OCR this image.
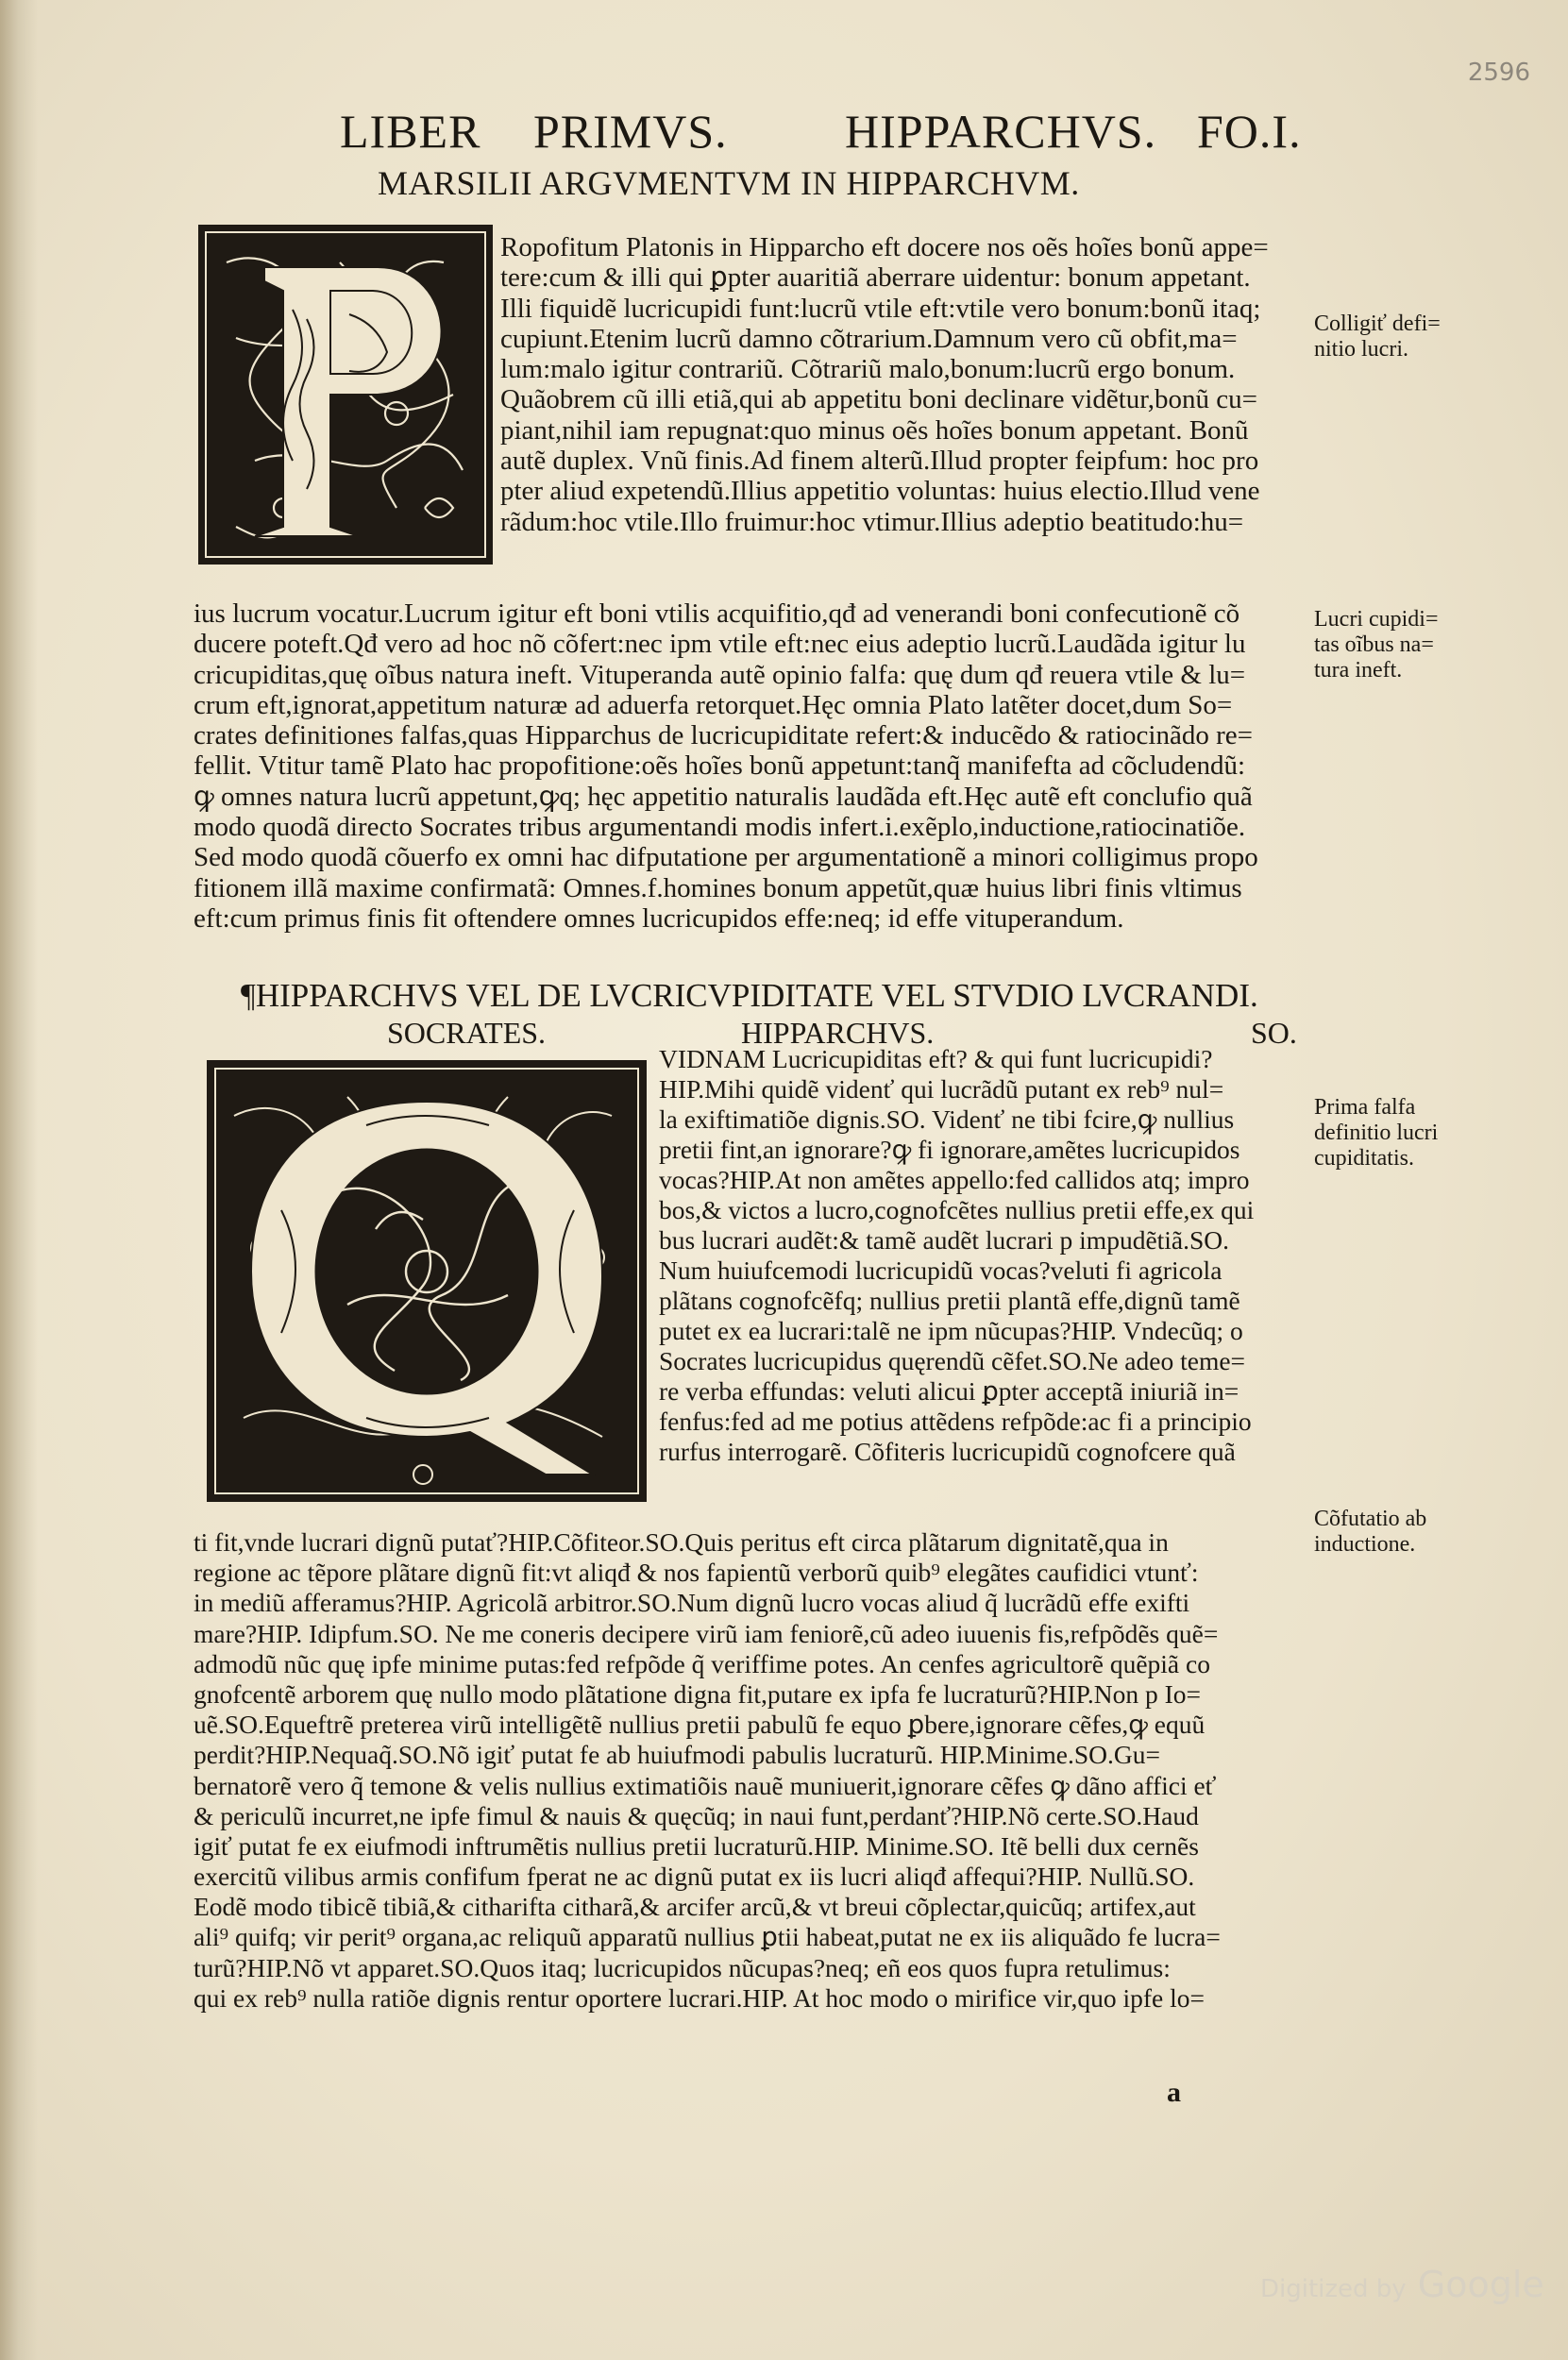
2596
LIBER PRIMVS. HIPPARCHVS. FO.I.
MARSILII ARGVMENTVM IN HIPPARCHVM.
Ropofitum Platonis in Hipparcho eft docere nos oẽs hoĩes bonũ appe=
tere:cum & illi qui ꝑpter auaritiã aberrare uidentur: bonum appetant.
Illi fiquidẽ lucricupidi funt:lucrũ vtile eft:vtile vero bonum:bonũ itaq;
cupiunt.Etenim lucrũ damno cõtrarium.Damnum vero cũ obfit,ma=
lum:malo igitur contrariũ. Cõtrariũ malo,bonum:lucrũ ergo bonum.
Quãobrem cũ illi etiã,qui ab appetitu boni declinare vidẽtur,bonũ cu=
piant,nihil iam repugnat:quo minus oẽs hoĩes bonum appetant. Bonũ
autẽ duplex. Vnũ finis.Ad finem alterũ.Illud propter feipfum: hoc pro
pter aliud expetendũ.Illius appetitio voluntas: huius electio.Illud vene
rãdum:hoc vtile.Illo fruimur:hoc vtimur.Illius adeptio beatitudo:hu=
ius lucrum vocatur.Lucrum igitur eft boni vtilis acquifitio,qđ ad venerandi boni confecutionẽ cõ
ducere poteft.Qđ vero ad hoc nõ cõfert:nec ipm vtile eft:nec eius adeptio lucrũ.Laudãda igitur lu
cricupiditas,quę oĩbus natura ineft. Vituperanda autẽ opinio falfa: quę dum qđ reuera vtile & lu=
crum eft,ignorat,appetitum naturæ ad aduerfa retorquet.Hęc omnia Plato latẽter docet,dum So=
crates definitiones falfas,quas Hipparchus de lucricupiditate refert:& inducẽdo & ratiocinãdo re=
fellit. Vtitur tamẽ Plato hac propofitione:oẽs hoĩes bonũ appetunt:tanq̃ manifefta ad cõcludendũ:
ꝙ omnes natura lucrũ appetunt,ꝙq; hęc appetitio naturalis laudãda eft.Hęc autẽ eft conclufio quã
modo quodã directo Socrates tribus argumentandi modis infert.i.exẽplo,inductione,ratiocinatiõe.
Sed modo quodã cõuerfo ex omni hac difputatione per argumentationẽ a minori colligimus propo
fitionem illã maxime confirmatã: Omnes.f.homines bonum appetũt,quæ huius libri finis vltimus
eft:cum primus finis fit oftendere omnes lucricupidos effe:neq; id effe vituperandum.
¶HIPPARCHVS VEL DE LVCRICVPIDITATE VEL STVDIO LVCRANDI.
SOCRATES.	HIPPARCHVS.	SO.
VIDNAM Lucricupiditas eft? & qui funt lucricupidi?
HIP.Mihi quidẽ videnť qui lucrãdũ putant ex reb⁹ nul=
la exiftimatiõe dignis.SO. Videnť ne tibi fcire,ꝙ nullius
pretii fint,an ignorare?ꝙ fi ignorare,amẽtes lucricupidos
vocas?HIP.At non amẽtes appello:fed callidos atq; impro
bos,& victos a lucro,cognofcẽtes nullius pretii effe,ex qui
bus lucrari audẽt:& tamẽ audẽt lucrari p impudẽtiã.SO.
Num huiufcemodi lucricupidũ vocas?veluti fi agricola
plãtans cognofcẽfq; nullius pretii plantã effe,dignũ tamẽ
putet ex ea lucrari:talẽ ne ipm nũcupas?HIP. Vndecũq; o
Socrates lucricupidus quęrendũ cẽfet.SO.Ne adeo teme=
re verba effundas: veluti alicui ꝑpter acceptã iniuriã in=
fenfus:fed ad me potius attẽdens refpõde:ac fi a principio
rurfus interrogarẽ. Cõfiteris lucricupidũ cognofcere quã
ti fit,vnde lucrari dignũ putať?HIP.Cõfiteor.SO.Quis peritus eft circa plãtarum dignitatẽ,qua in
regione ac tẽpore plãtare dignũ fit:vt aliqđ & nos fapientũ verborũ quib⁹ elegãtes caufidici vtunť:
in mediũ afferamus?HIP. Agricolã arbitror.SO.Num dignũ lucro vocas aliud q̃ lucrãdũ effe exifti
mare?HIP. Idipfum.SO. Ne me coneris decipere virũ iam feniorẽ,cũ adeo iuuenis fis,refpõdẽs quẽ=
admodũ nũc quę ipfe minime putas:fed refpõde q̃ veriffime potes. An cenfes agricultorẽ quẽpiã co
gnofcentẽ arborem quę nullo modo plãtatione digna fit,putare ex ipfa fe lucraturũ?HIP.Non p Io=
uẽ.SO.Equeftrẽ preterea virũ intelligẽtẽ nullius pretii pabulũ fe equo ꝑbere,ignorare cẽfes,ꝙ equũ
perdit?HIP.Nequaq̃.SO.Nõ igiť putat fe ab huiufmodi pabulis lucraturũ. HIP.Minime.SO.Gu=
bernatorẽ vero q̃ temone & velis nullius extimatiõis nauẽ muniuerit,ignorare cẽfes ꝙ dãno affici eť
& periculũ incurret,ne ipfe fimul & nauis & quęcũq; in naui funt,perdanť?HIP.Nõ certe.SO.Haud
igiť putat fe ex eiufmodi inftrumẽtis nullius pretii lucraturũ.HIP. Minime.SO. Itẽ belli dux cernẽs
exercitũ vilibus armis confifum fperat ne ac dignũ putat ex iis lucri aliqđ affequi?HIP. Nullũ.SO.
Eodẽ modo tibicẽ tibiã,& citharifta citharã,& arcifer arcũ,& vt breui cõplectar,quicũq; artifex,aut
ali⁹ quifq; vir perit⁹ organa,ac reliquũ apparatũ nullius ꝑtii habeat,putat ne ex iis aliquãdo fe lucra=
turũ?HIP.Nõ vt apparet.SO.Quos itaq; lucricupidos nũcupas?neq; eñ eos quos fupra retulimus:
qui ex reb⁹ nulla ratiõe dignis rentur oportere lucrari.HIP. At hoc modo o mirifice vir,quo ipfe lo=
Colligiť defi=
nitio lucri.
Lucri cupidi=
tas oĩbus na=
tura ineft.
Prima falfa
definitio lucri
cupiditatis.
Cõfutatio ab
inductione.
a
Digitized by Google
